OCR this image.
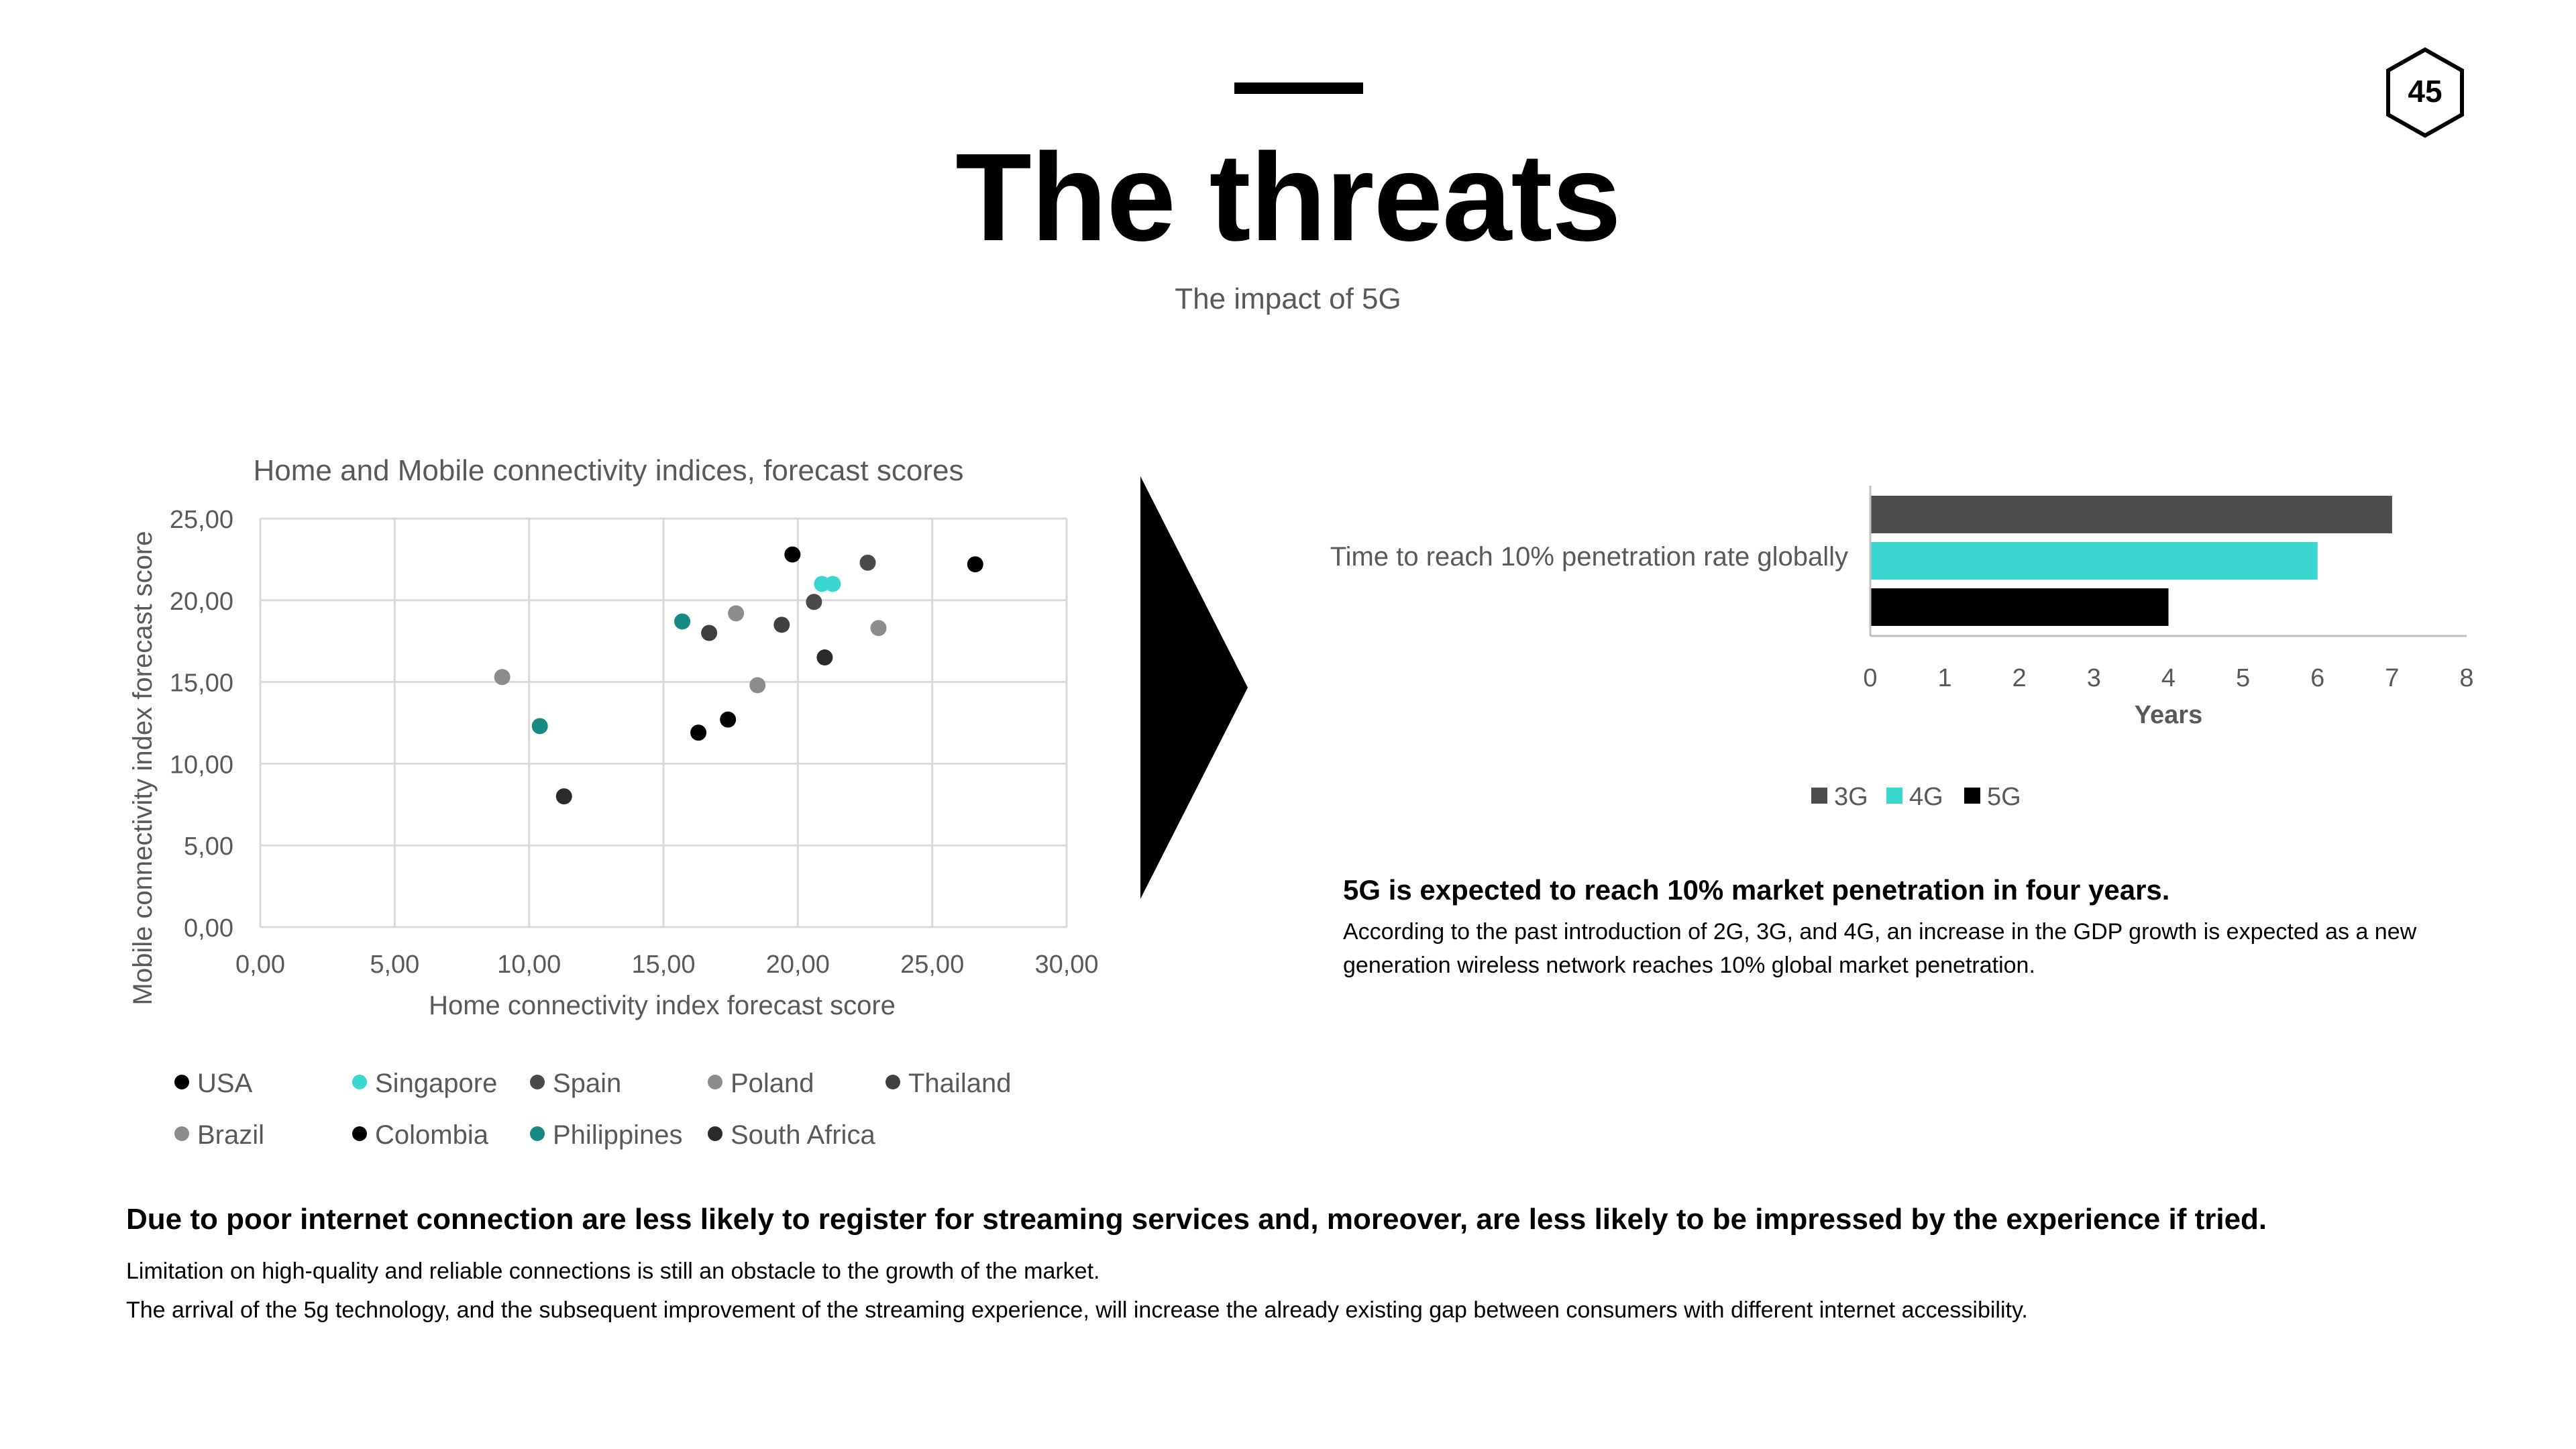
The threats
The impact of 5G
45
Home and Mobile connectivity indices, forecast scores
0,00
5,00
10,00
15,00
20,00
25,00
0,00	5,00	10,00	15,00	20,00	25,00	30,00
Home connectivity index forecast score
Mobile connectivity index forecast score
USA	Singapore	Spain	Poland	Thailand
Brazil	Colombia	Philippines	South Africa
Time to reach 10% penetration rate globally
0 1 2 3 4 5 6 7 8
Years
3G	4G	5G
5G is expected to reach 10% market penetration in four years.
According to the past introduction of 2G, 3G, and 4G, an increase in the GDP growth is expected as a new generation wireless network reaches 10% global market penetration.
Due to poor internet connection are less likely to register for streaming services and, moreover, are less likely to be impressed by the experience if tried.
Limitation on high-quality and reliable connections is still an obstacle to the growth of the market.
The arrival of the 5g technology, and the subsequent improvement of the streaming experience, will increase the already existing gap between consumers with different internet accessibility.
